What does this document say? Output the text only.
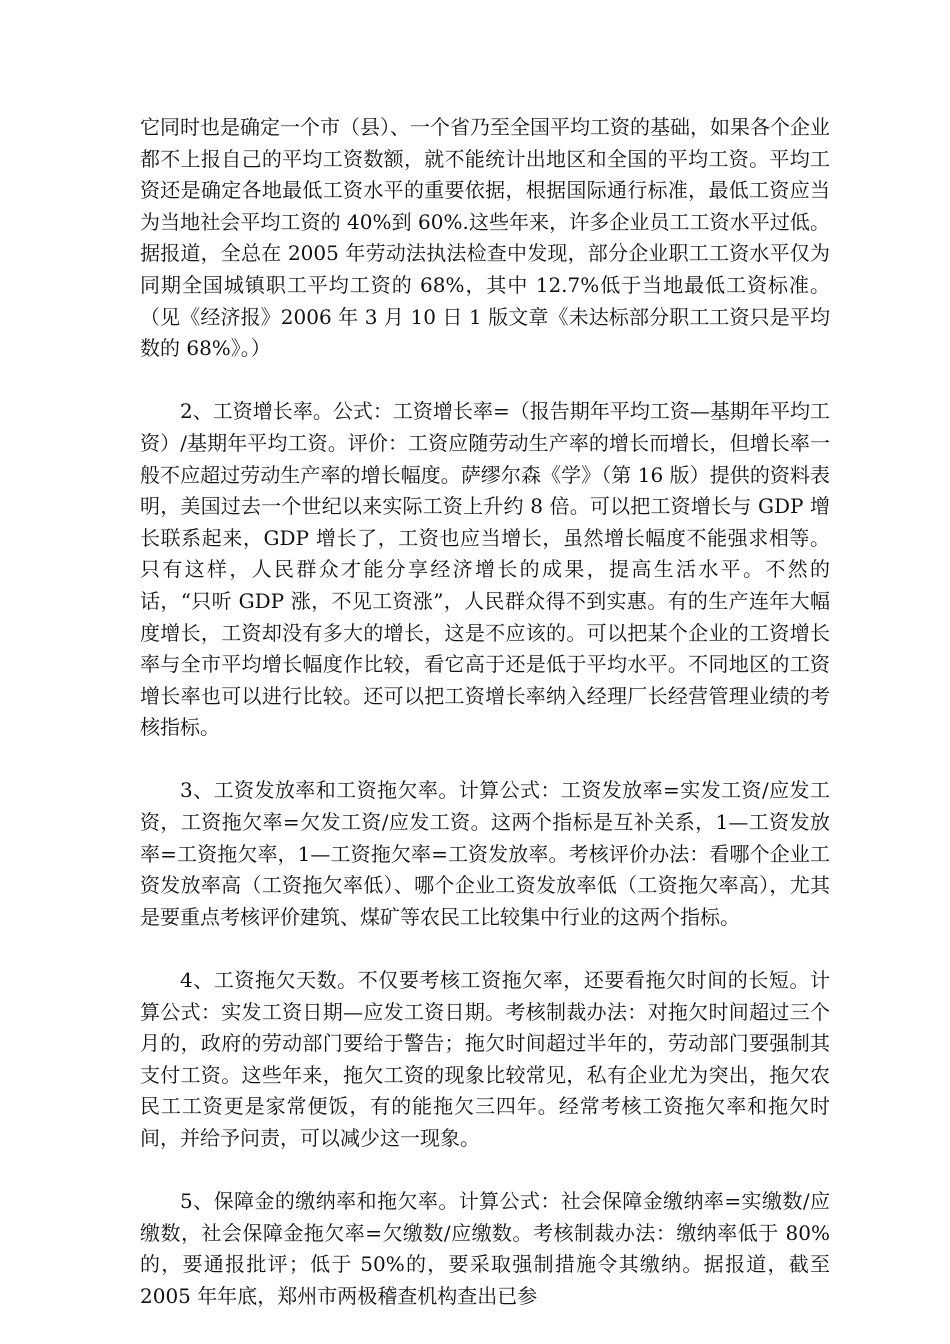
它同时也是确定一个市（县）、一个省乃至全国平均工资的基础，如果各个企业都不上报自己的平均工资数额，就不能统计出地区和全国的平均工资。平均工资还是确定各地最低工资水平的重要依据，根据国际通行标准，最低工资应当为当地社会平均工资的 40%到 60%.这些年来，许多企业员工工资水平过低。据报道，全总在 2005 年劳动法执法检查中发现，部分企业职工工资水平仅为同期全国城镇职工平均工资的 68%，其中 12.7%低于当地最低工资标准。（见《经济报》2006 年 3 月 10 日 1 版文章《未达标部分职工工资只是平均数的 68%》。）

2、工资增长率。公式：工资增长率=（报告期年平均工资—基期年平均工资）/基期年平均工资。评价：工资应随劳动生产率的增长而增长，但增长率一般不应超过劳动生产率的增长幅度。萨缪尔森《学》（第 16 版）提供的资料表明，美国过去一个世纪以来实际工资上升约 8 倍。可以把工资增长与 GDP 增长联系起来，GDP 增长了，工资也应当增长，虽然增长幅度不能强求相等。只有这样，人民群众才能分享经济增长的成果，提高生活水平。不然的话，“只听 GDP 涨，不见工资涨”，人民群众得不到实惠。有的生产连年大幅度增长，工资却没有多大的增长，这是不应该的。可以把某个企业的工资增长率与全市平均增长幅度作比较，看它高于还是低于平均水平。不同地区的工资增长率也可以进行比较。还可以把工资增长率纳入经理厂长经营管理业绩的考核指标。

3、工资发放率和工资拖欠率。计算公式：工资发放率=实发工资/应发工资，工资拖欠率=欠发工资/应发工资。这两个指标是互补关系，1—工资发放率=工资拖欠率，1—工资拖欠率=工资发放率。考核评价办法：看哪个企业工资发放率高（工资拖欠率低）、哪个企业工资发放率低（工资拖欠率高），尤其是要重点考核评价建筑、煤矿等农民工比较集中行业的这两个指标。

4、工资拖欠天数。不仅要考核工资拖欠率，还要看拖欠时间的长短。计算公式：实发工资日期—应发工资日期。考核制裁办法：对拖欠时间超过三个月的，政府的劳动部门要给于警告；拖欠时间超过半年的，劳动部门要强制其支付工资。这些年来，拖欠工资的现象比较常见，私有企业尤为突出，拖欠农民工工资更是家常便饭，有的能拖欠三四年。经常考核工资拖欠率和拖欠时间，并给予问责，可以减少这一现象。

5、保障金的缴纳率和拖欠率。计算公式：社会保障金缴纳率=实缴数/应缴数，社会保障金拖欠率=欠缴数/应缴数。考核制裁办法：缴纳率低于 80%的，要通报批评；低于 50%的，要采取强制措施令其缴纳。据报道，截至 2005 年年底，郑州市两极稽查机构查出已参
